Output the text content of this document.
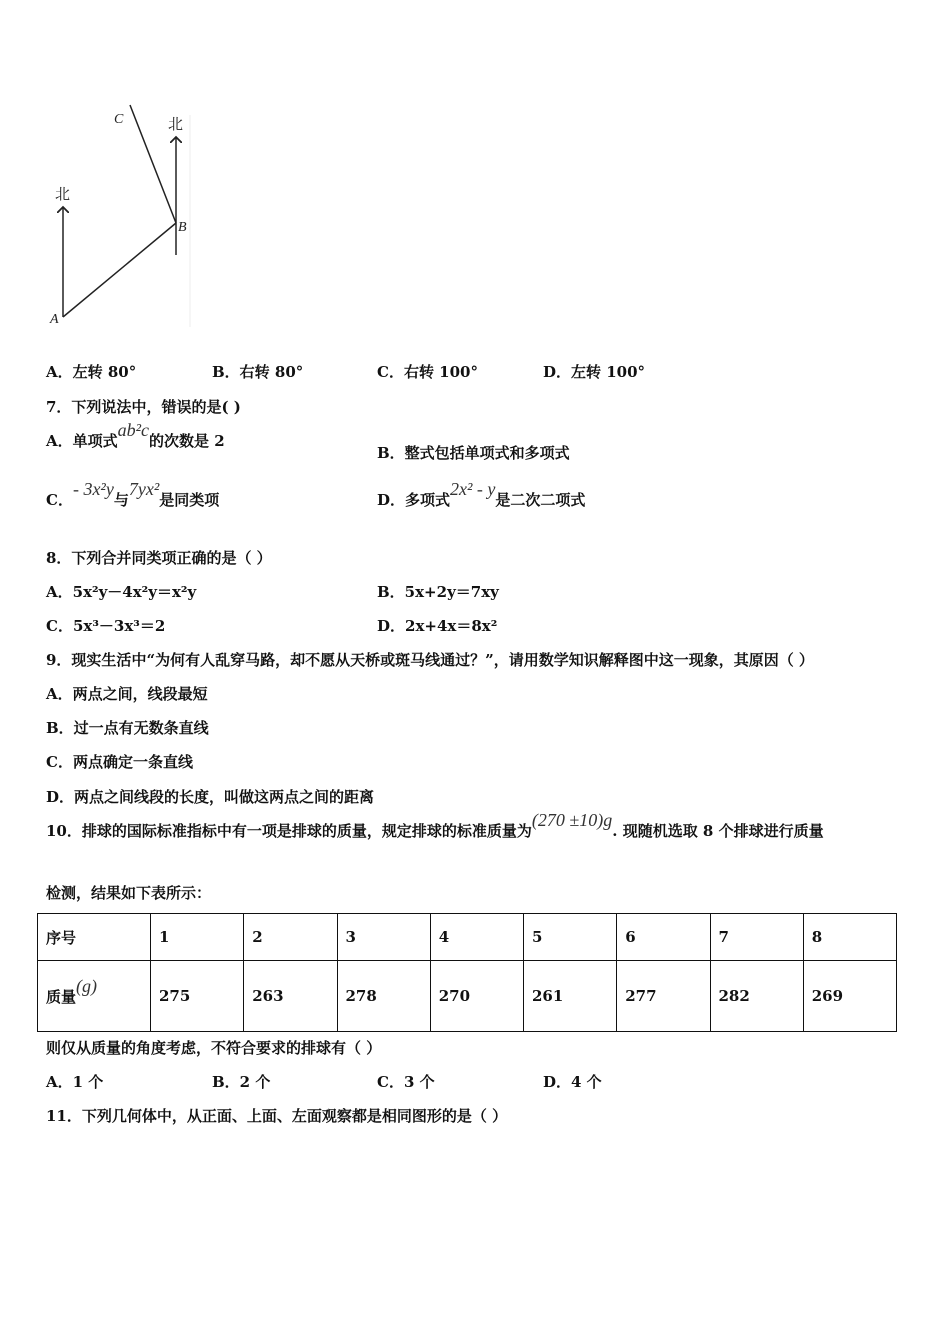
C
B
A
北
北
A．左转 80°	B．右转 80°	C．右转 100°	D．左转 100°
7．下列说法中，错误的是( )
A．单项式ab²c的次数是 2
B．整式包括单项式和多项式
C．- 3x²y与7yx²是同类项	D．多项式2x² - y是二次二项式
8．下列合并同类项正确的是（ ）
A．5x²y－4x²y＝x²y	B．5x+2y＝7xy
C．5x³－3x³＝2	D．2x+4x＝8x²
9．现实生活中“为何有人乱穿马路，却不愿从天桥或斑马线通过？”，请用数学知识解释图中这一现象，其原因（ ）
A．两点之间，线段最短
B．过一点有无数条直线
C．两点确定一条直线
D．两点之间线段的长度，叫做这两点之间的距离
10．排球的国际标准指标中有一项是排球的质量，规定排球的标准质量为(270 ±10)g. 现随机选取 8 个排球进行质量
检测，结果如下表所示：
序号	1	2	3	4	5	6	7	8
质量(g)	275	263	278	270	261	277	282	269
则仅从质量的角度考虑，不符合要求的排球有（ ）
A．1 个	B．2 个	C．3 个	D．4 个
11．下列几何体中，从正面、上面、左面观察都是相同图形的是（ ）
